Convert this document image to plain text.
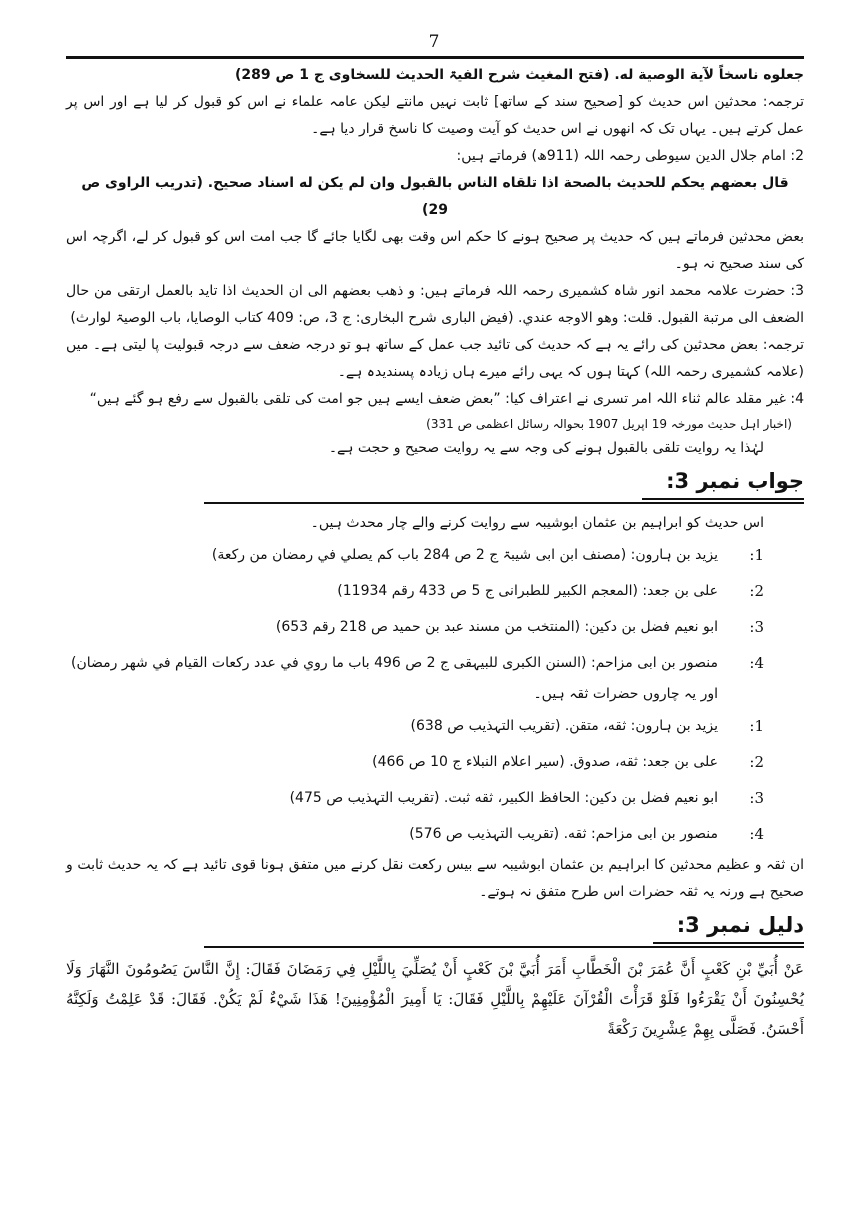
7

جعلوه ناسخاً لآية الوصية له. (فتح المغیث شرح الفیۃ الحدیث للسخاوی ج 1 ص 289)

ترجمہ: محدثین اس حدیث کو [صحیح سند کے ساتھ] ثابت نہیں مانتے لیکن عامہ علماء نے اس کو قبول کر لیا ہے اور اس پر عمل کرتے ہیں۔ یہاں تک کہ انھوں نے اس حدیث کو آیت وصیت کا ناسخ قرار دیا ہے۔

2: امام جلال الدین سیوطی رحمہ اللہ (911ھ) فرماتے ہیں:

قال بعضهم يحكم للحديث بالصحة اذا تلقاه الناس بالقبول وان لم يكن له اسناد صحيح. (تدریب الراوی ص 29)

بعض محدثین فرماتے ہیں کہ حدیث پر صحیح ہونے کا حکم اس وقت بھی لگایا جائے گا جب امت اس کو قبول کر لے، اگرچہ اس کی سند صحیح نہ ہو۔

3: حضرت علامہ محمد انور شاہ کشمیری رحمہ اللہ فرماتے ہیں: و ذهب بعضهم الى ان الحديث اذا تايد بالعمل ارتقى من حال الضعف الى مرتبة القبول. قلت: وهو الاوجه عندي. (فیض الباری شرح البخاری: ج 3، ص: 409 کتاب الوصایا، باب الوصیۃ لوارث)

ترجمہ: بعض محدثین کی رائے یہ ہے کہ حدیث کی تائید جب عمل کے ساتھ ہو تو درجہ ضعف سے درجہ قبولیت پا لیتی ہے۔ میں (علامہ کشمیری رحمہ اللہ) کہتا ہوں کہ یہی رائے میرے ہاں زیادہ پسندیدہ ہے۔

4: غیر مقلد عالم ثناء اللہ امر تسری نے اعتراف کیا: ”بعض ضعف ایسے ہیں جو امت کی تلقی بالقبول سے رفع ہو گئے ہیں“

(اخبار اہل حدیث مورخہ 19 اپریل 1907 بحوالہ رسائل اعظمی ص 331)

لہٰذا یہ روایت تلقی بالقبول ہونے کی وجہ سے یہ روایت صحیح و حجت ہے۔

جواب نمبر 3:

اس حدیث کو ابراہیم بن عثمان ابوشیبہ سے روایت کرنے والے چار محدث ہیں۔

1:
یزید بن ہارون: (مصنف ابن ابی شیبۃ ج 2 ص 284 باب کم يصلي في رمضان من ركعة)
2:
علی بن جعد: (المعجم الکبیر للطبرانی ج 5 ص 433 رقم 11934)
3:
ابو نعیم فضل بن دکین: (المنتخب من مسند عبد بن حمید ص 218 رقم 653)
4:
منصور بن ابی مزاحم: (السنن الکبری للبیہقی ج 2 ص 496 باب ما روي في عدد ركعات القيام في شهر رمضان)

اور یہ چاروں حضرات ثقہ ہیں۔

1:
یزید بن ہارون: ثقه، متقن. (تقریب التہذیب ص 638)
2:
علی بن جعد: ثقه، صدوق. (سیر اعلام النبلاء ج 10 ص 466)
3:
ابو نعیم فضل بن دکین: الحافظ الكبير، ثقه ثبت. (تقریب التہذیب ص 475)
4:
منصور بن ابی مزاحم: ثقه. (تقریب التہذیب ص 576)

ان ثقہ و عظیم محدثین کا ابراہیم بن عثمان ابوشیبہ سے بیس رکعت نقل کرنے میں متفق ہونا قوی تائید ہے کہ یہ حدیث ثابت و صحیح ہے ورنہ یہ ثقہ حضرات اس طرح متفق نہ ہوتے۔

دلیل نمبر 3:

عَنْ أُبَيِّ بْنِ كَعْبٍ أَنَّ عُمَرَ بْنَ الْخَطَّابِ أَمَرَ أُبَيَّ بْنَ كَعْبٍ أَنْ يُصَلِّيَ بِاللَّيْلِ فِي رَمَضَانَ فَقَالَ: إِنَّ النَّاسَ يَصُومُونَ النَّهَارَ وَلَا يُحْسِنُونَ أَنْ يَقْرَءُوا فَلَوْ قَرَأْتَ الْقُرْآنَ عَلَيْهِمْ بِاللَّيْلِ فَقَالَ: يَا أَمِيرَ الْمُؤْمِنِينَ! هَذَا شَيْءٌ لَمْ يَكُنْ. فَقَالَ: قَدْ عَلِمْتُ وَلَكِنَّهُ أَحْسَنُ. فَصَلَّى بِهِمْ عِشْرِينَ رَكْعَةً
